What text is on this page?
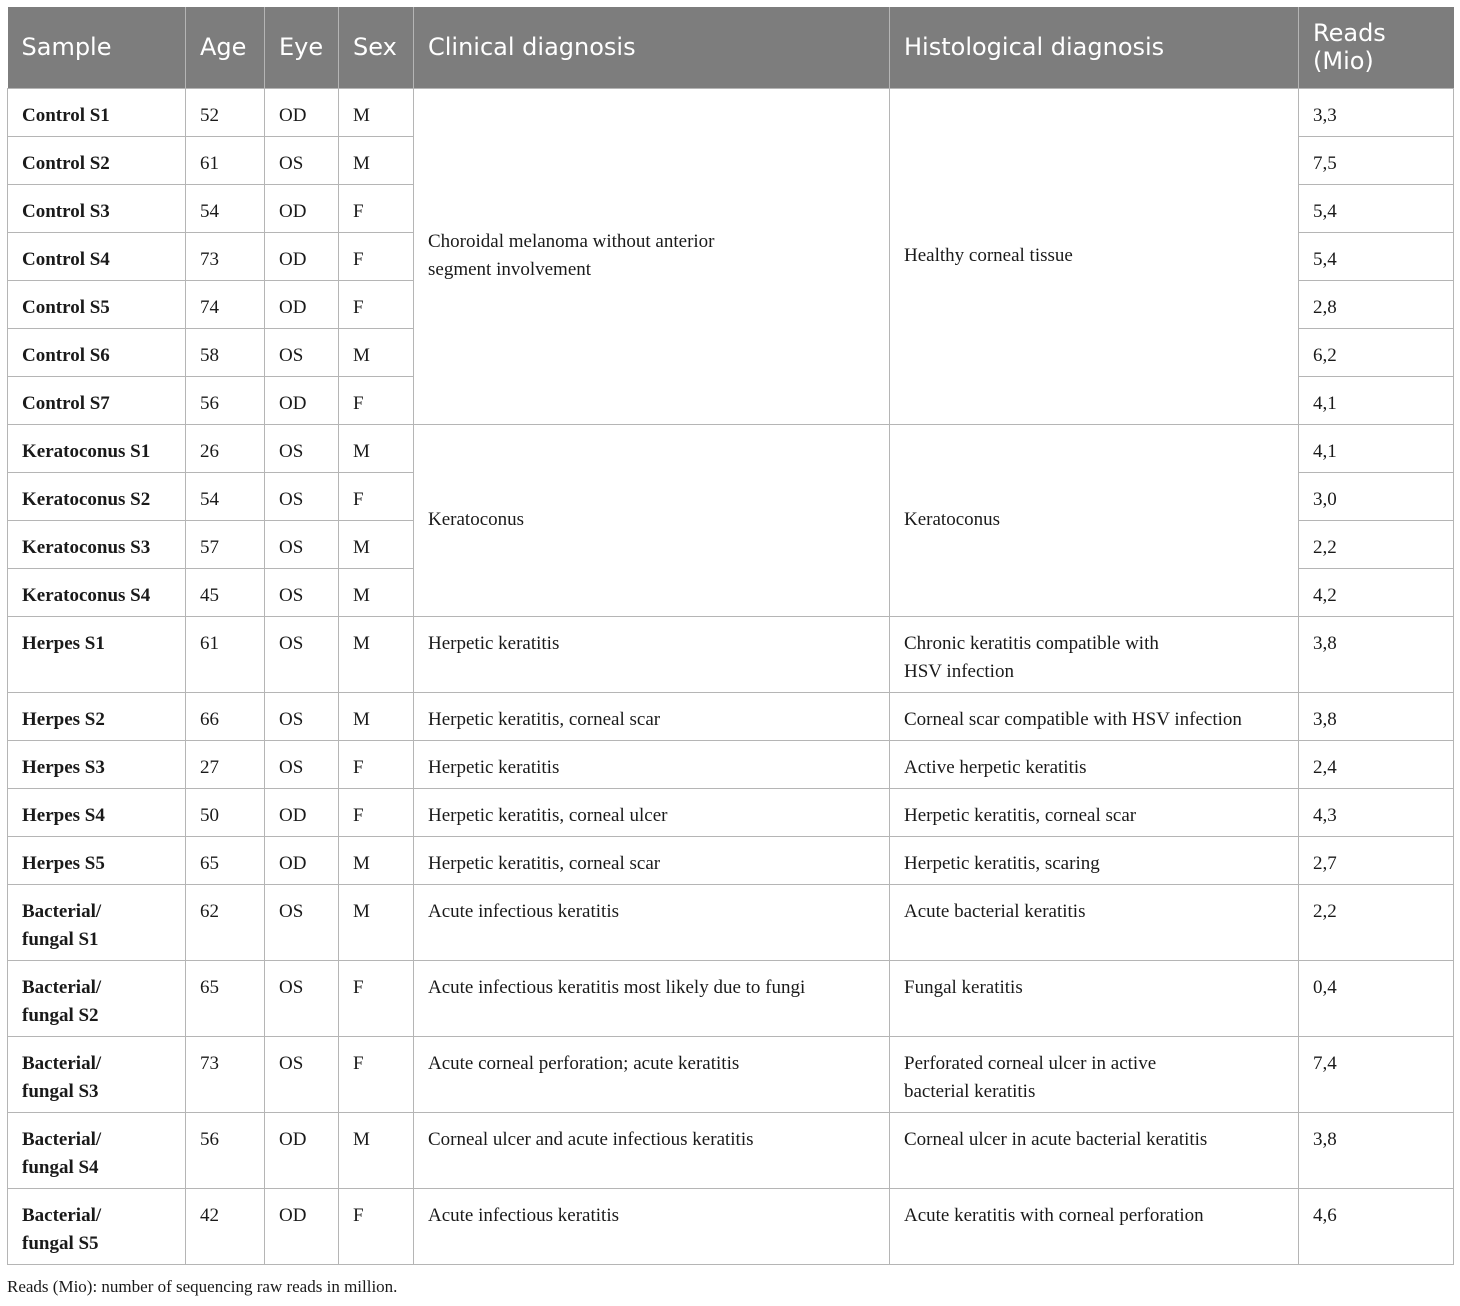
Sample	Age	Eye	Sex	Clinical diagnosis	Histological diagnosis	Reads (Mio)
Control S1	52	OD	M	Choroidal melanoma without anterior segment involvement	Healthy corneal tissue	3,3
Control S2	61	OS	M			7,5
Control S3	54	OD	F			5,4
Control S4	73	OD	F			5,4
Control S5	74	OD	F			2,8
Control S6	58	OS	M			6,2
Control S7	56	OD	F			4,1
Keratoconus S1	26	OS	M	Keratoconus	Keratoconus	4,1
Keratoconus S2	54	OS	F			3,0
Keratoconus S3	57	OS	M			2,2
Keratoconus S4	45	OS	M			4,2
Herpes S1	61	OS	M	Herpetic keratitis	Chronic keratitis compatible with HSV infection	3,8
Herpes S2	66	OS	M	Herpetic keratitis, corneal scar	Corneal scar compatible with HSV infection	3,8
Herpes S3	27	OS	F	Herpetic keratitis	Active herpetic keratitis	2,4
Herpes S4	50	OD	F	Herpetic keratitis, corneal ulcer	Herpetic keratitis, corneal scar	4,3
Herpes S5	65	OD	M	Herpetic keratitis, corneal scar	Herpetic keratitis, scaring	2,7
Bacterial/ fungal S1	62	OS	M	Acute infectious keratitis	Acute bacterial keratitis	2,2
Bacterial/ fungal S2	65	OS	F	Acute infectious keratitis most likely due to fungi	Fungal keratitis	0,4
Bacterial/ fungal S3	73	OS	F	Acute corneal perforation; acute keratitis	Perforated corneal ulcer in active bacterial keratitis	7,4
Bacterial/ fungal S4	56	OD	M	Corneal ulcer and acute infectious keratitis	Corneal ulcer in acute bacterial keratitis	3,8
Bacterial/ fungal S5	42	OD	F	Acute infectious keratitis	Acute keratitis with corneal perforation	4,6
Reads (Mio): number of sequencing raw reads in million.
